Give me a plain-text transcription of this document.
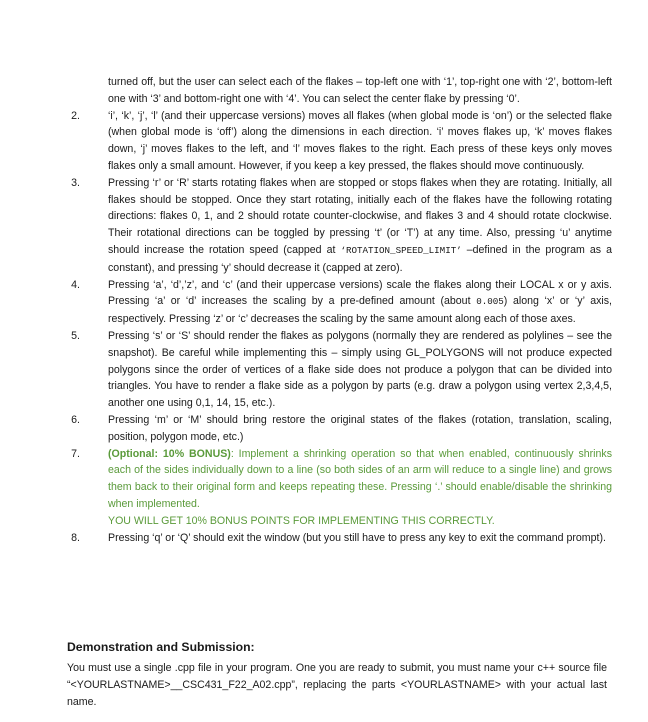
turned off, but the user can select each of the flakes – top-left one with ‘1’, top-right one with ‘2’, bottom-left one with ‘3’ and bottom-right one with ‘4’. You can select the center flake by pressing ‘0’.
2.	‘i’, ‘k’, ‘j’, ‘l’ (and their uppercase versions) moves all flakes (when global mode is ‘on’) or the selected flake (when global mode is ‘off’) along the dimensions in each direction. ‘i’ moves flakes up, ‘k’ moves flakes down, ‘j’ moves flakes to the left, and ‘l’ moves flakes to the right. Each press of these keys only moves flakes only a small amount. However, if you keep a key pressed, the flakes should move continuously.
3.	Pressing ‘r’ or ‘R’ starts rotating flakes when are stopped or stops flakes when they are rotating. Initially, all flakes should be stopped. Once they start rotating, initially each of the flakes have the following rotating directions: flakes 0, 1, and 2 should rotate counter-clockwise, and flakes 3 and 4 should rotate clockwise. Their rotational directions can be toggled by pressing ‘t’ (or ‘T’) at any time. Also, pressing ‘u’ anytime should increase the rotation speed (capped at ‘ROTATION_SPEED_LIMIT’ –defined in the program as a constant), and pressing ‘y’ should decrease it (capped at zero).
4.	Pressing ‘a’, ‘d’,’z’, and ‘c’ (and their uppercase versions) scale the flakes along their LOCAL x or y axis. Pressing ‘a’ or ‘d’ increases the scaling by a pre-defined amount (about 0.005) along ‘x’ or ‘y’ axis, respectively. Pressing ‘z’ or ‘c’ decreases the scaling by the same amount along each of those axes.
5.	Pressing ‘s’ or ‘S’ should render the flakes as polygons (normally they are rendered as polylines – see the snapshot). Be careful while implementing this – simply using GL_POLYGONS will not produce expected polygons since the order of vertices of a flake side does not produce a polygon that can be divided into triangles. You have to render a flake side as a polygon by parts (e.g. draw a polygon using vertex 2,3,4,5, another one using 0,1, 14, 15, etc.).
6.	Pressing ‘m’ or ‘M’ should bring restore the original states of the flakes (rotation, translation, scaling, position, polygon mode, etc.)
7.	(Optional: 10% BONUS): Implement a shrinking operation so that when enabled, continuously shrinks each of the sides individually down to a line (so both sides of an arm will reduce to a single line) and grows them back to their original form and keeps repeating these. Pressing ‘.’ should enable/disable the shrinking when implemented.
YOU WILL GET 10% BONUS POINTS FOR IMPLEMENTING THIS CORRECTLY.
8.	Pressing ‘q’ or ‘Q’ should exit the window (but you still have to press any key to exit the command prompt).
Demonstration and Submission:

You must use a single .cpp file in your program. One you are ready to submit, you must name your c++ source file “<YOURLASTNAME>__CSC431_F22_A02.cpp”, replacing the parts <YOURLASTNAME> with your actual last name.
